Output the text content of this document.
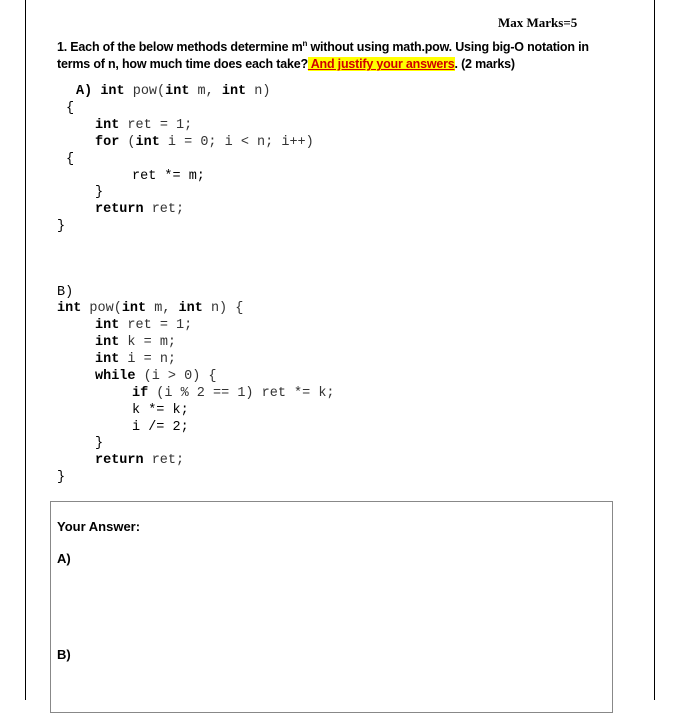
Max Marks=5
1. Each of the below methods determine $m^n$ without using math.pow. Using big-O notation in terms of n, how much time does each take? And justify your answers. (2 marks)
A) int pow(int m, int n)
{
int ret = 1;
for (int i = 0; i < n; i++)
{
ret *= m;
}
return ret;
}
B)
int pow(int m, int n) {
int ret = 1;
int k = m;
int i = n;
while (i > 0) {
if (i % 2 == 1) ret *= k;
k *= k;
i /= 2;
}
return ret;
}
Your Answer:
A)
B)
